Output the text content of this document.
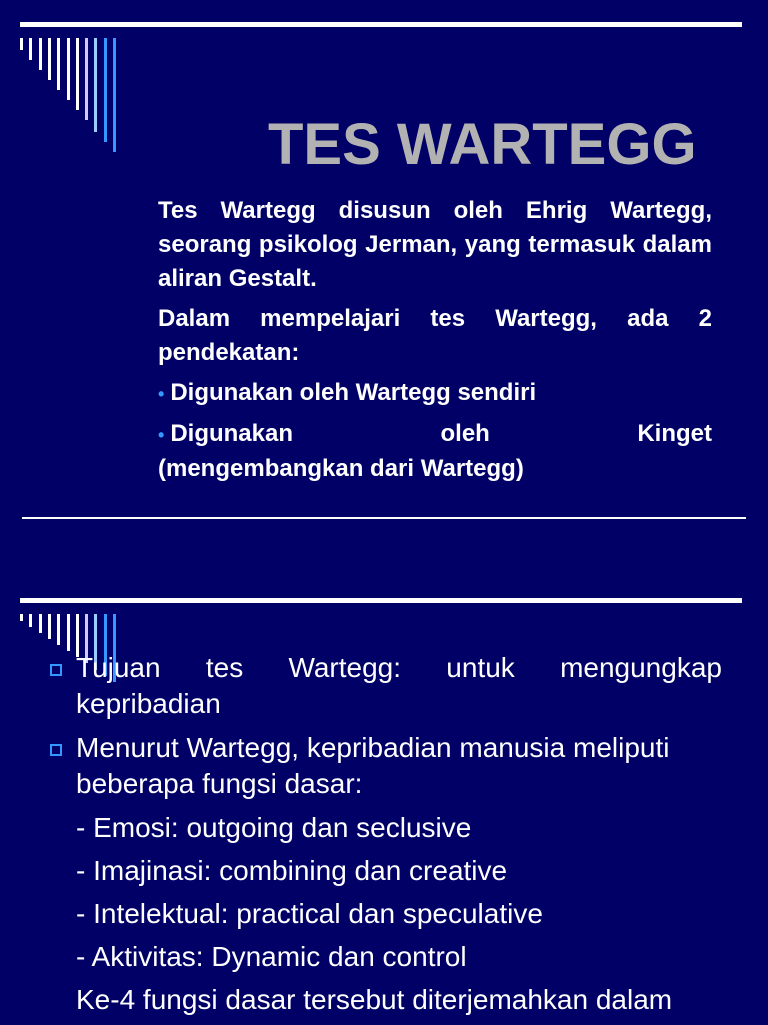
TES WARTEGG

Tes Wartegg disusun oleh Ehrig Wartegg, seorang psikolog Jerman, yang termasuk dalam aliran Gestalt.

Dalam mempelajari tes Wartegg, ada 2
pendekatan:
• Digunakan oleh Wartegg sendiri
• Digunakan	oleh	Kinget
(mengembangkan dari Wartegg)
Tujuan tes Wartegg: untuk mengungkap
kepribadian
Menurut Wartegg, kepribadian manusia meliputi
beberapa fungsi dasar:
- Emosi: outgoing dan seclusive
- Imajinasi: combining dan creative
- Intelektual: practical dan speculative
- Aktivitas: Dynamic dan control
Ke-4 fungsi dasar tersebut diterjemahkan dalam
